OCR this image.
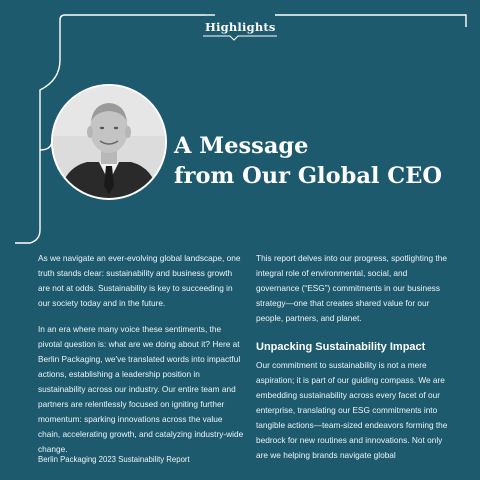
Highlights
A Message
from Our Global CEO

As we navigate an ever-evolving global landscape, one truth stands clear: sustainability and business growth are not at odds. Sustainability is key to succeeding in our society today and in the future.

In an era where many voice these sentiments, the pivotal question is: what are we doing about it? Here at Berlin Packaging, we've translated words into impactful actions, establishing a leadership position in sustainability across our industry. Our entire team and partners are relentlessly focused on igniting further momentum: sparking innovations across the value chain, accelerating growth, and catalyzing industry-wide change.

This report delves into our progress, spotlighting the integral role of environmental, social, and governance (“ESG”) commitments in our business strategy—one that creates shared value for our people, partners, and planet.

Unpacking Sustainability Impact

Our commitment to sustainability is not a mere aspiration; it is part of our guiding compass. We are embedding sustainability across every facet of our enterprise, translating our ESG commitments into tangible actions—team-sized endeavors forming the bedrock for new routines and innovations. Not only are we helping brands navigate global

Berlin Packaging 2023 Sustainability Report
